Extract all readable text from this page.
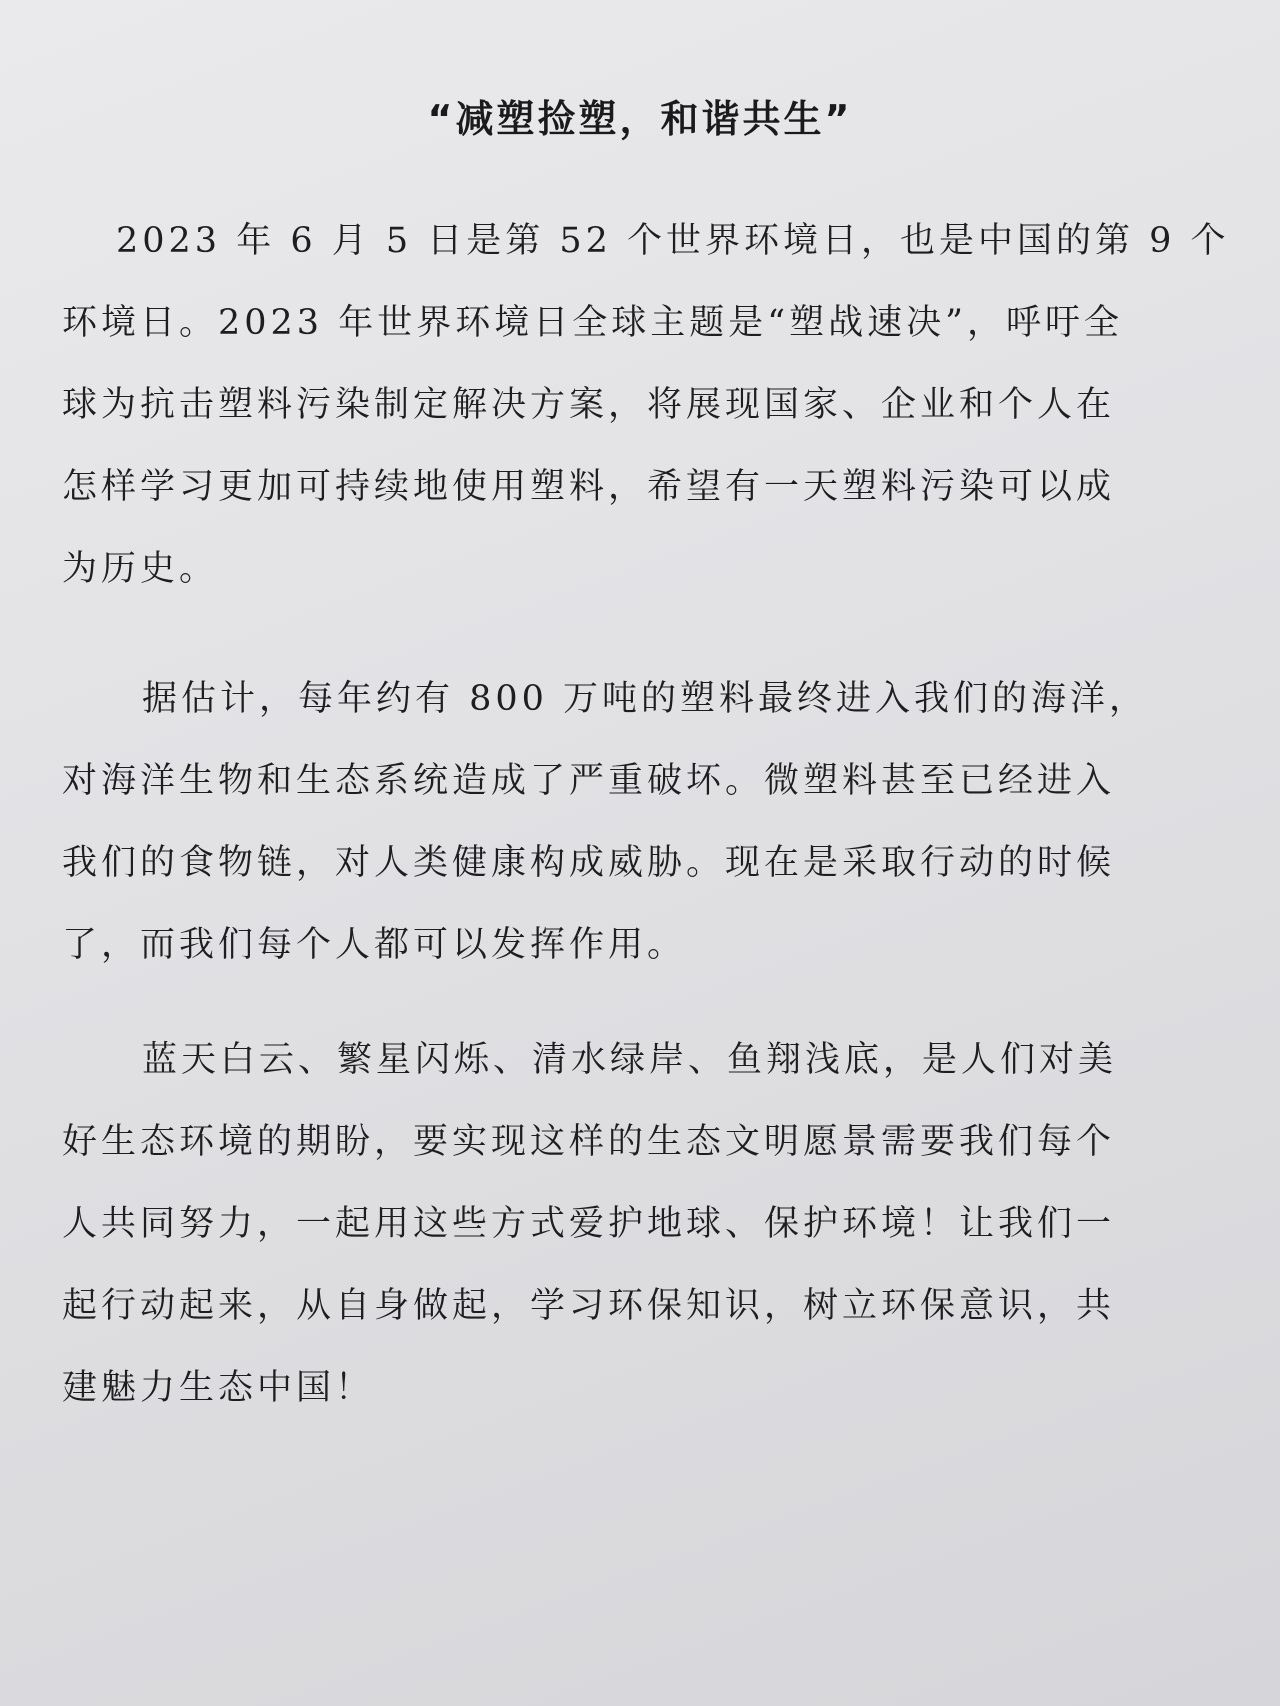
“减塑捡塑，和谐共生”
2023 年 6 月 5 日是第 52 个世界环境日，也是中国的第 9 个
环境日。2023 年世界环境日全球主题是“塑战速决”，呼吁全
球为抗击塑料污染制定解决方案，将展现国家、企业和个人在
怎样学习更加可持续地使用塑料，希望有一天塑料污染可以成
为历史。
据估计，每年约有 800 万吨的塑料最终进入我们的海洋，
对海洋生物和生态系统造成了严重破坏。微塑料甚至已经进入
我们的食物链，对人类健康构成威胁。现在是采取行动的时候
了，而我们每个人都可以发挥作用。
蓝天白云、繁星闪烁、清水绿岸、鱼翔浅底，是人们对美
好生态环境的期盼，要实现这样的生态文明愿景需要我们每个
人共同努力，一起用这些方式爱护地球、保护环境！让我们一
起行动起来，从自身做起，学习环保知识，树立环保意识，共
建魅力生态中国！
